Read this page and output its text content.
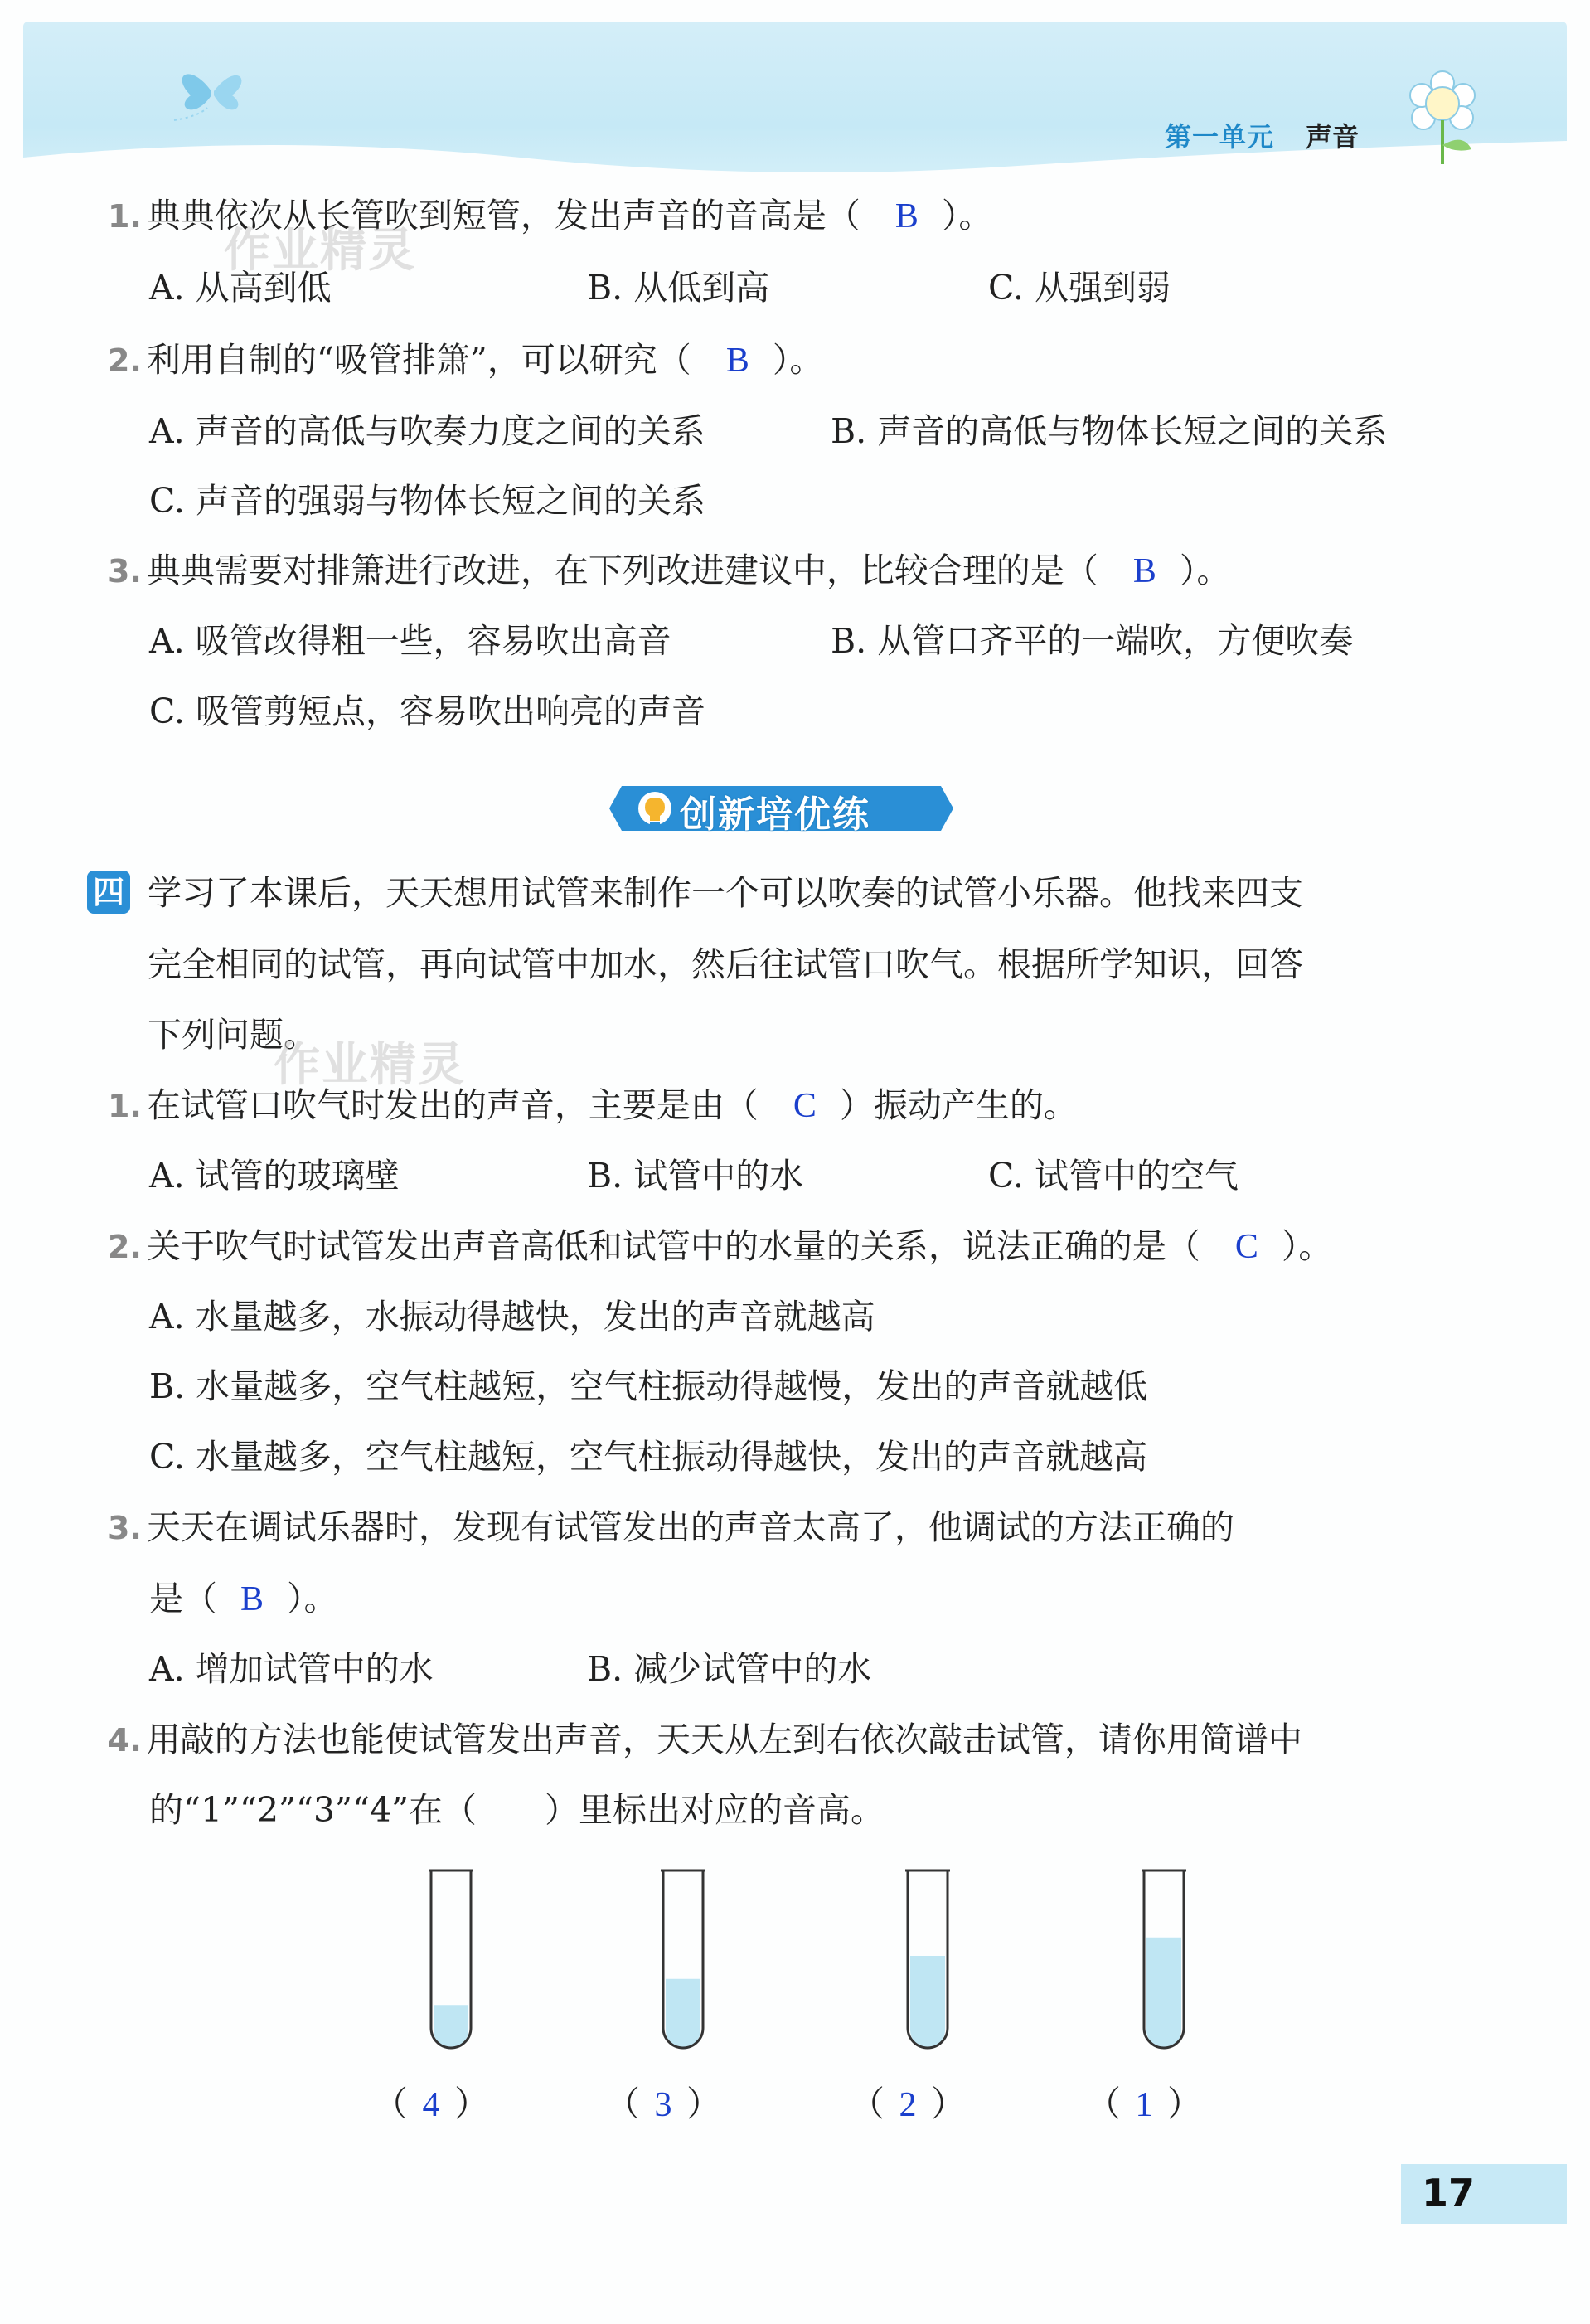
第一单元 声音
1. 典典依次从长管吹到短管，发出声音的音高是（ B ）。
A. 从高到低	B. 从低到高	C. 从强到弱
2. 利用自制的“吸管排箫”，可以研究（ B ）。
A. 声音的高低与吹奏力度之间的关系	B. 声音的高低与物体长短之间的关系
C. 声音的强弱与物体长短之间的关系
3. 典典需要对排箫进行改进，在下列改进建议中，比较合理的是（ B ）。
A. 吸管改得粗一些，容易吹出高音	B. 从管口齐平的一端吹，方便吹奏
C. 吸管剪短点，容易吹出响亮的声音
作业精灵
创新培优练
四 学习了本课后，天天想用试管来制作一个可以吹奏的试管小乐器。他找来四支
完全相同的试管，再向试管中加水，然后往试管口吹气。根据所学知识，回答
下列问题。
作业精灵
1. 在试管口吹气时发出的声音，主要是由（ C ）振动产生的。
A. 试管的玻璃壁	B. 试管中的水	C. 试管中的空气
2. 关于吹气时试管发出声音高低和试管中的水量的关系，说法正确的是（ C ）。
A. 水量越多，水振动得越快，发出的声音就越高
B. 水量越多，空气柱越短，空气柱振动得越慢，发出的声音就越低
C. 水量越多，空气柱越短，空气柱振动得越快，发出的声音就越高
3. 天天在调试乐器时，发现有试管发出的声音太高了，他调试的方法正确的
是（ B ）。
A. 增加试管中的水	B. 减少试管中的水
4. 用敲的方法也能使试管发出声音，天天从左到右依次敲击试管，请你用简谱中
的“1”“2”“3”“4”在（　　）里标出对应的音高。
（ 4 ）	（ 3 ）	（ 2 ）	（ 1 ）
17
